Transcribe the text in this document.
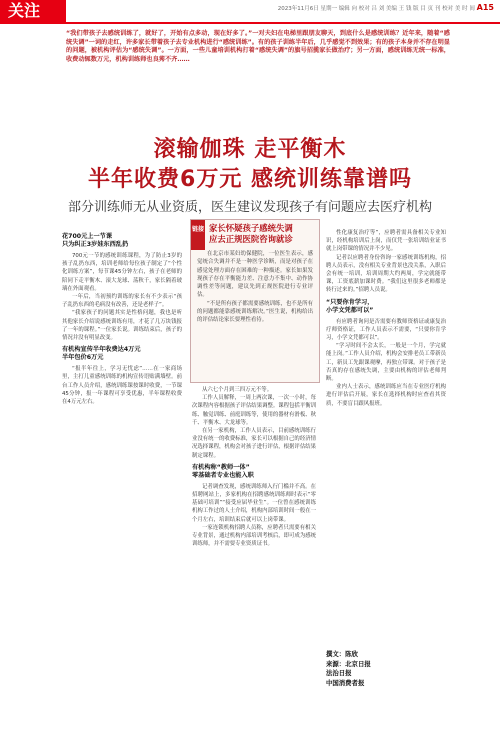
关注	2023年11月6日 星期一 编辑 向 校对 吕 刘 美编 王 钱 版 目 页 刊 校对 美 时 间 A15
“我们带孩子去感统训练了，就好了，开始有点多动，现在好多了。”一对夫妇在电梯里跟朋友聊天，到底什么是感统训练？近年来，随着“感统失调”一词的走红，许多家长带着孩子去专业机构进行“感统训练”。有的孩子训练半年后，几乎感觉不到效果；有的孩子本身并不存在明显的问题，被机构评估为“感统失调”。一方面，一些儿童培训机构打着“感统失调”的旗号招揽家长做治疗；另一方面，感统训练无统一标准，收费动辄数万元，机构训练师也良莠不齐……
滚输伽珠 走平衡木
半年收费6万元 感统训练靠谱吗
部分训练师无从业资质，医生建议发现孩子有问题应去医疗机构
花700元上一节课
只为纠正3岁娃东西乱扔

700元一节的感统训练课程，为了防止3岁的孩子乱扔东西，培训老师给每位孩子制定了“个性化训练方案”，每节课45分钟左右，孩子在老师的陪同下走平衡木、滚大龙球、荡秋千，家长隔着玻璃在外面观看。

一年后，当初预约训练的家长有不少表示“孩子乱扔东西的毛病没有改善，还是老样子”。

“我家孩子的问题其实是性格问题，我也是听其他家长介绍说感统训练有用，才花了几万块钱报了一年的课程。”一位家长说。训练结束后，孩子的情况并没有明显改变。

有机构宣传半年收费达4万元
半年包价6万元

“报半年往上，学习无忧虑”……在一家商场里，主打儿童感统训练的机构宣传语贴满墙壁。前台工作人员介绍，感统训练课按课时收费，一节课45分钟，报一年课程可享受优惠，半年课程收费在4万元左右。

链接 家长怀疑孩子感统失调
应去正规医院咨询就诊

在北京市某妇幼保健院，一位医生表示，感觉统合失调并不是一种医学诊断，而是对孩子在感觉处理方面存在困难的一种描述。家长如果发现孩子存在平衡能力差、注意力不集中、动作协调性差等问题，建议先到正规医院进行专业评估。

“不是所有孩子都需要感统训练，也不是所有的问题都能靠感统训练解决。”医生说，机构给出的评估结论家长要理性看待。

从六七个月到三四万元不等。

工作人员解释，一周上两次课，一次一小时，每次课程内容根据孩子评估结果调整。课程包括平衡训练、触觉训练、前庭训练等，使用的器材有滑板、秋千、平衡木、大龙球等。

在另一家机构，工作人员表示，目前感统训练行业没有统一的收费标准，家长可以根据自己的经济情况选择课程，机构会对孩子进行评估，根据评估结果制定课程。

有机构称“教师一体”
零基础者专业也能入职

记者调查发现，感统训练师入行门槛并不高。在招聘网站上，多家机构在招聘感统训练师时表示“零基础可培训”“接受应届毕业生”。一位曾在感统训练机构工作过的人士介绍，机构内部培训时间一般在一个月左右，培训结束后就可以上岗带课。

一家连锁机构招聘人员称，应聘者只需要有相关专业背景，通过机构内部培训考核后，即可成为感统训练师，并不需要专业资质证书。

性化康复治疗等”，应聘者需具备相关专业知识，经机构培训后上岗，而仅凭一张培训结业证书就上岗带课的情况并不少见。

记者以应聘者身份咨询一家感统训练机构，招聘人员表示，没有相关专业背景也没关系，入职后会有统一培训，培训周期大约两周，学完就能带课，工资底薪加课时费。“我们这里很多老师都是转行过来的。”招聘人员说。

“只要你肯学习，
小学文凭都可以”

有应聘者询问是否需要有教师资格证或康复治疗师资格证，工作人员表示不需要，“只要你肯学习，小学文凭都可以”。

“学习时间不会太长，一般是一个月，学完就能上岗。”工作人员介绍，机构会安排老员工带新员工，新员工先跟课观摩，再独立带课。对于孩子是否真的存在感统失调，主要由机构的评估老师判断。

业内人士表示，感统训练应当在专业医疗机构进行评估后开展，家长在选择机构时应查看其资质，不要盲目跟风报班。

撰文：陈欣
来源：北京日报
法治日报
中国消费者报
